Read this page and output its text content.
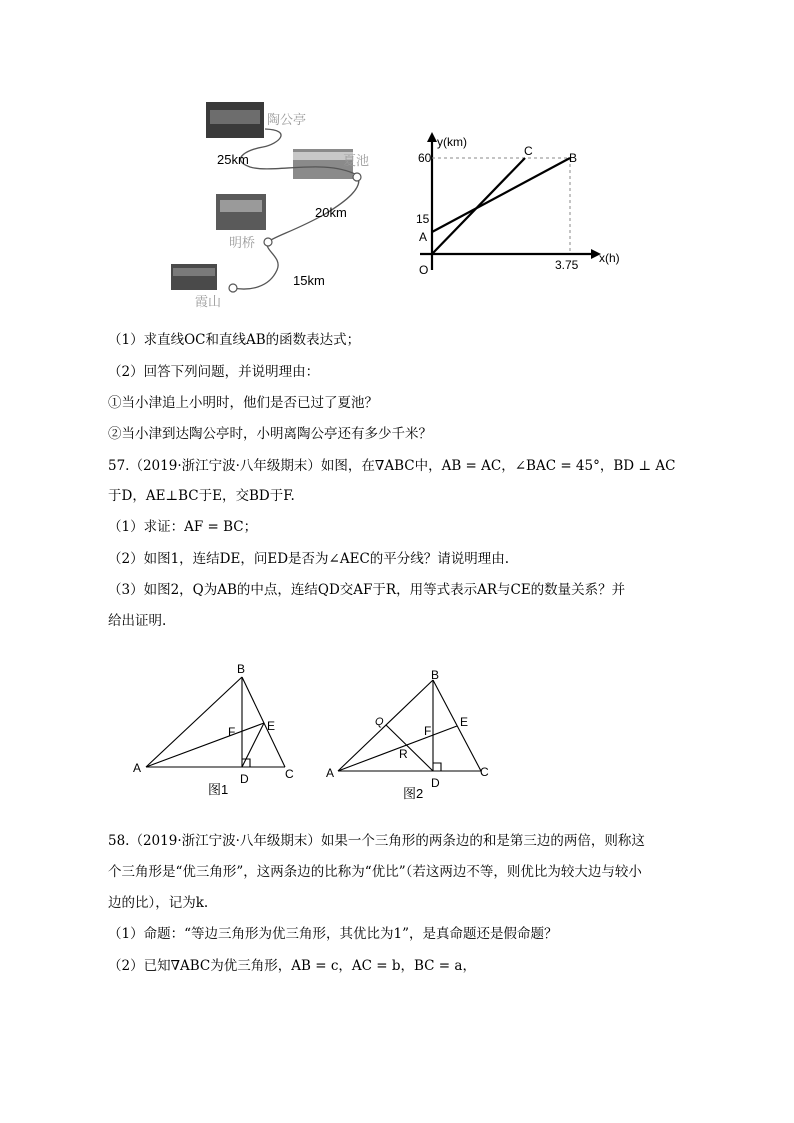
陶公亭
夏池
明桥
霞山
25km
20km
15km
y(km)
x(h)
60
15
A
O
C	B
3.75
（1）求直线OC和直线AB的函数表达式；
（2）回答下列问题，并说明理由：
①当小津追上小明时，他们是否已过了夏池？
②当小津到达陶公亭时，小明离陶公亭还有多少千米？
57.（2019·浙江宁波·八年级期末）如图，在∇ABC中，AB = AC，∠BAC = 45°，BD ⊥ AC
于D，AE⊥BC于E，交BD于F.
（1）求证：AF = BC；
（2）如图1，连结DE，问ED是否为∠AEC的平分线？请说明理由.
（3）如图2，Q为AB的中点，连结QD交AF于R，用等式表示AR与CE的数量关系？并
给出证明.
B
A	C
D
E
F
图1
B
A	C
D
E
F
Q
R
图2
58.（2019·浙江宁波·八年级期末）如果一个三角形的两条边的和是第三边的两倍，则称这
个三角形是“优三角形”，这两条边的比称为“优比”（若这两边不等，则优比为较大边与较小
边的比），记为k.
（1）命题：“等边三角形为优三角形，其优比为1”，是真命题还是假命题？
（2）已知∇ABC为优三角形，AB = c，AC = b，BC = a，
